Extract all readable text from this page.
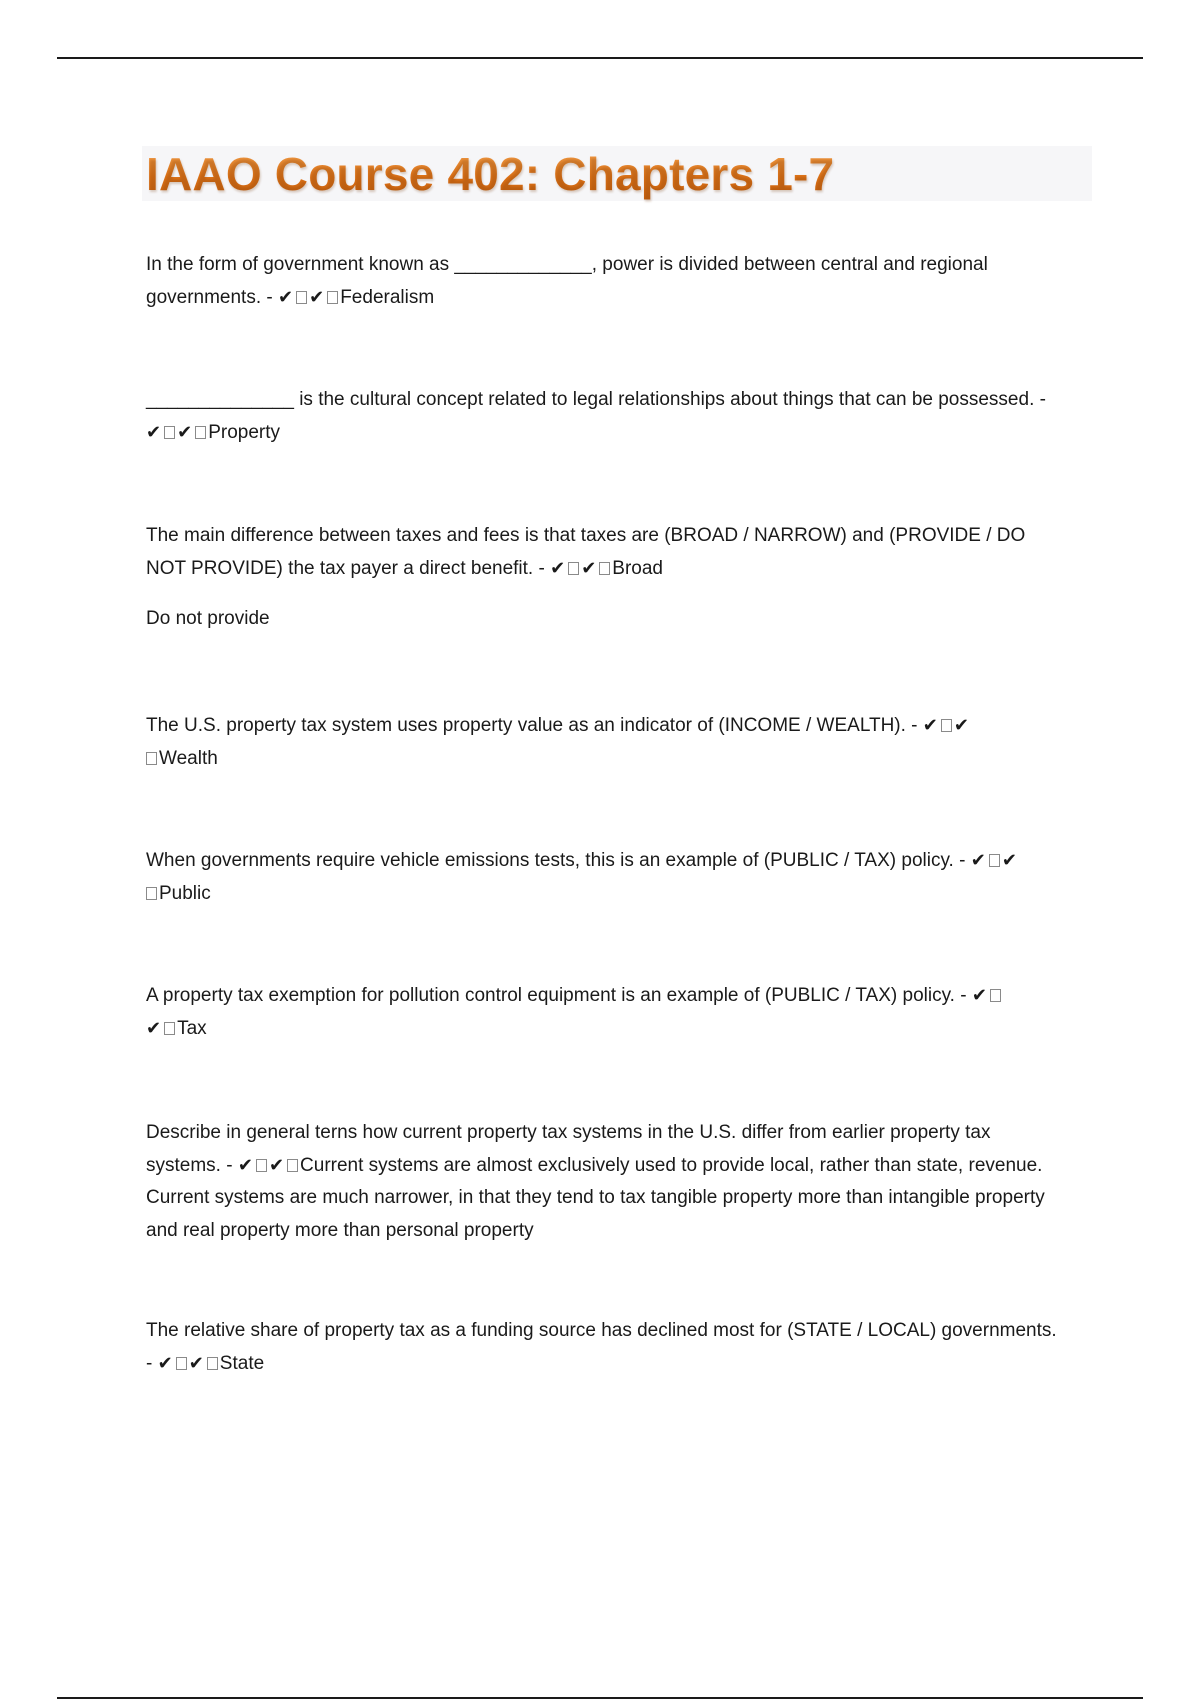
IAAO Course 402: Chapters 1-7

In the form of government known as _____________, power is divided between central and regional governments. - ✔ ✔ Federalism

______________ is the cultural concept related to legal relationships about things that can be possessed. - ✔ ✔ Property

The main difference between taxes and fees is that taxes are (BROAD / NARROW) and (PROVIDE / DO NOT PROVIDE) the tax payer a direct benefit. - ✔ ✔ Broad

Do not provide

The U.S. property tax system uses property value as an indicator of (INCOME / WEALTH). - ✔ ✔
Wealth

When governments require vehicle emissions tests, this is an example of (PUBLIC / TAX) policy. - ✔ ✔
Public

A property tax exemption for pollution control equipment is an example of (PUBLIC / TAX) policy. - ✔
✔ Tax

Describe in general terns how current property tax systems in the U.S. differ from earlier property tax systems. - ✔ ✔ Current systems are almost exclusively used to provide local, rather than state, revenue. Current systems are much narrower, in that they tend to tax tangible property more than intangible property and real property more than personal property

The relative share of property tax as a funding source has declined most for (STATE / LOCAL) governments. - ✔ ✔ State
